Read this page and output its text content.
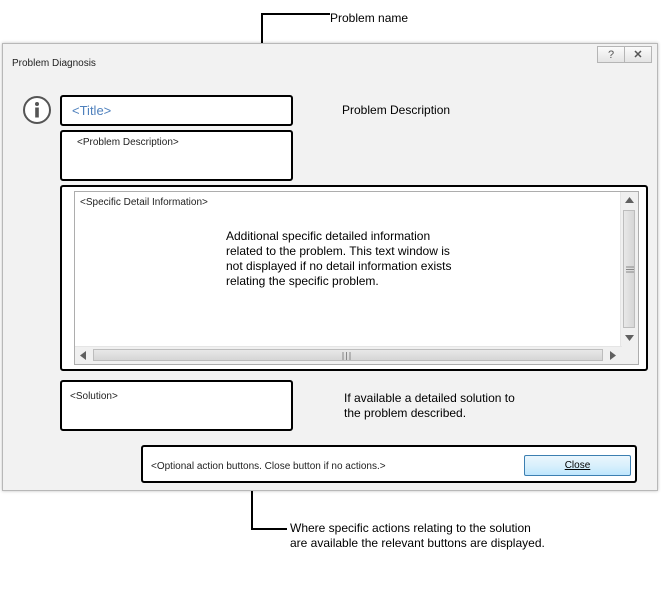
Problem Diagnosis
?	✕
<Title>
<Problem Description>
<Specific Detail Information>
Additional specific detailed information related to the problem. This text window is not displayed if no detail information exists relating the specific problem.
<Solution>
<Optional action buttons. Close button if no actions.>	Close
Problem name
Problem Description
If available a detailed solution to the problem described.
Where specific actions relating to the solution are available the relevant buttons are displayed.
